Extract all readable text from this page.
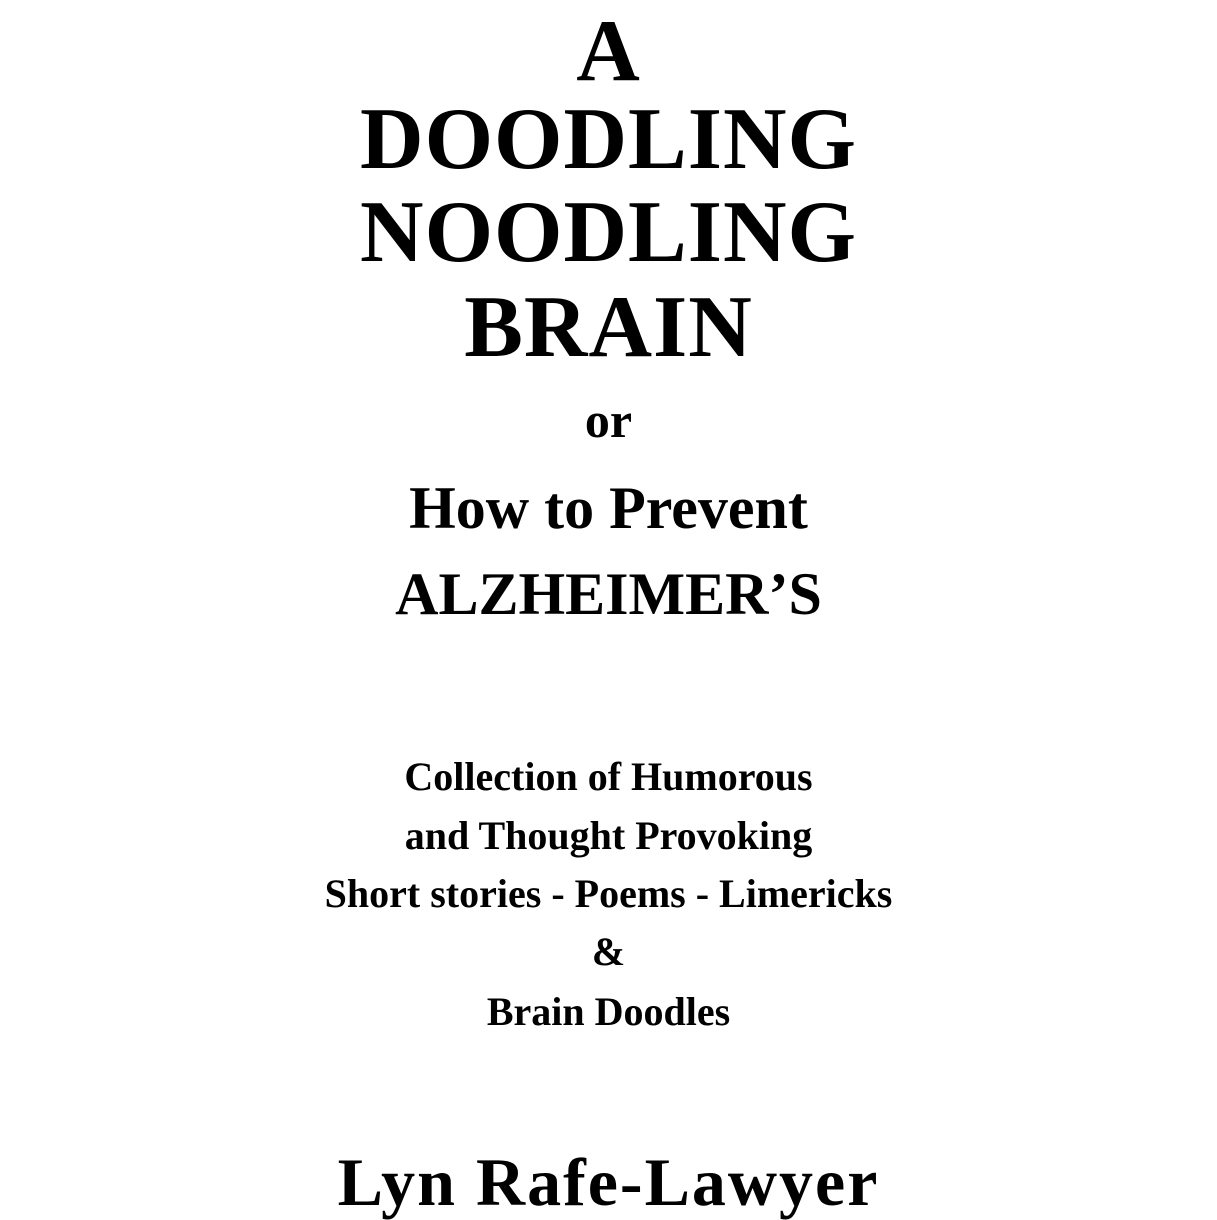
A
DOODLING
NOODLING
BRAIN
or
How to Prevent
ALZHEIMER’S
Collection of Humorous
and Thought Provoking
Short stories - Poems - Limericks
&
Brain Doodles
Lyn Rafe-Lawyer
